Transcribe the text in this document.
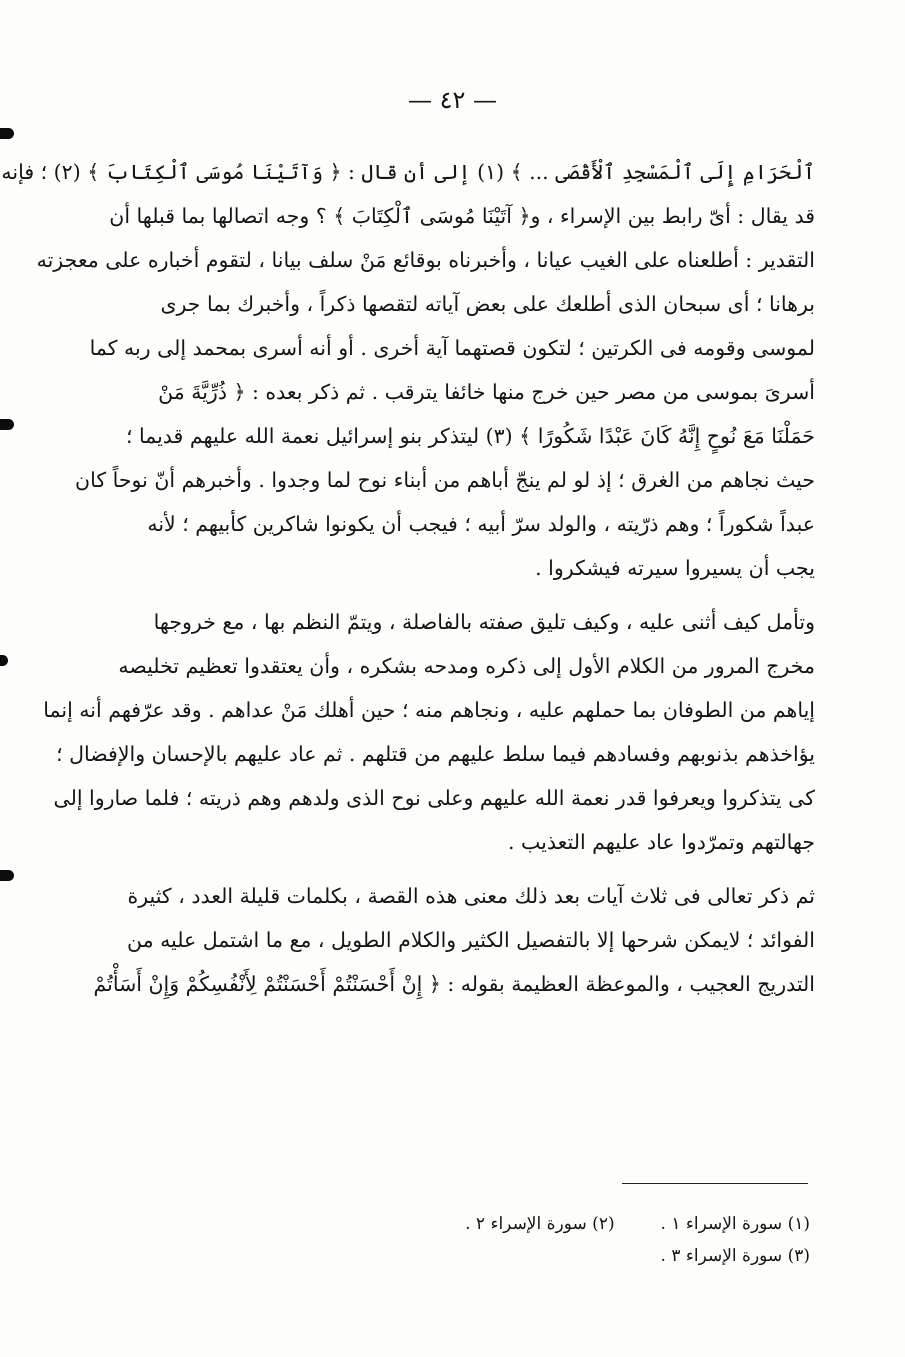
— ٤٢ —
ٱلْحَرَامِ إِلَى ٱلْمَسْجِدِ ٱلْأَقْصَى ... ﴾ (١) إلى أن قال : ﴿ وَآتَيْنَا مُوسَى ٱلْكِتَابَ ﴾ (٢) ؛ فإنه
قد يقال : أىّ رابط بين الإسراء ، و﴿ آتَيْنَا مُوسَى ٱلْكِتَابَ ﴾ ؟ وجه اتصالها بما قبلها أن
التقدير : أطلعناه على الغيب عيانا ، وأخبرناه بوقائع مَنْ سلف بيانا ، لتقوم أخباره على معجزته
برهانا ؛ أى سبحان الذى أطلعك على بعض آياته لتقصها ذكراً ، وأخبرك بما جرى
لموسى وقومه فى الكرتين ؛ لتكون قصتهما آية أخرى . أو أنه أسرى بمحمد إلى ربه كما
أسرىَ بموسى من مصر حين خرج منها خائفا يترقب . ثم ذكر بعده : ﴿ ذُرِّيَّةَ مَنْ
حَمَلْنَا مَعَ نُوحٍ إِنَّهُ كَانَ عَبْدًا شَكُورًا ﴾ (٣) ليتذكر بنو إسرائيل نعمة الله عليهم قديما ؛
حيث نجاهم من الغرق ؛ إذ لو لم ينجّ أباهم من أبناء نوح لما وجدوا . وأخبرهم أنّ نوحاً كان
عبداً شكوراً ؛ وهم ذرّيته ، والولد سرّ أبيه ؛ فيجب أن يكونوا شاكرين كأبيهم ؛ لأنه
يجب أن يسيروا سيرته فيشكروا .
وتأمل كيف أثنى عليه ، وكيف تليق صفته بالفاصلة ، ويتمّ النظم بها ، مع خروجها
مخرج المرور من الكلام الأول إلى ذكره ومدحه بشكره ، وأن يعتقدوا تعظيم تخليصه
إياهم من الطوفان بما حملهم عليه ، ونجاهم منه ؛ حين أهلك مَنْ عداهم . وقد عرّفهم أنه إنما
يؤاخذهم بذنوبهم وفسادهم فيما سلط عليهم من قتلهم . ثم عاد عليهم بالإحسان والإفضال ؛
كى يتذكروا ويعرفوا قدر نعمة الله عليهم وعلى نوح الذى ولدهم وهم ذريته ؛ فلما صاروا إلى
جهالتهم وتمرّدوا عاد عليهم التعذيب .
ثم ذكر تعالى فى ثلاث آيات بعد ذلك معنى هذه القصة ، بكلمات قليلة العدد ، كثيرة
الفوائد ؛ لايمكن شرحها إلا بالتفصيل الكثير والكلام الطويل ، مع ما اشتمل عليه من
التدريج العجيب ، والموعظة العظيمة بقوله : ﴿ إِنْ أَحْسَنْتُمْ أَحْسَنْتُمْ لِأَنْفُسِكُمْ وَإِنْ أَسَأْتُمْ
(١) سورة الإسراء ١ . (٢) سورة الإسراء ٢ .
(٣) سورة الإسراء ٣ .
